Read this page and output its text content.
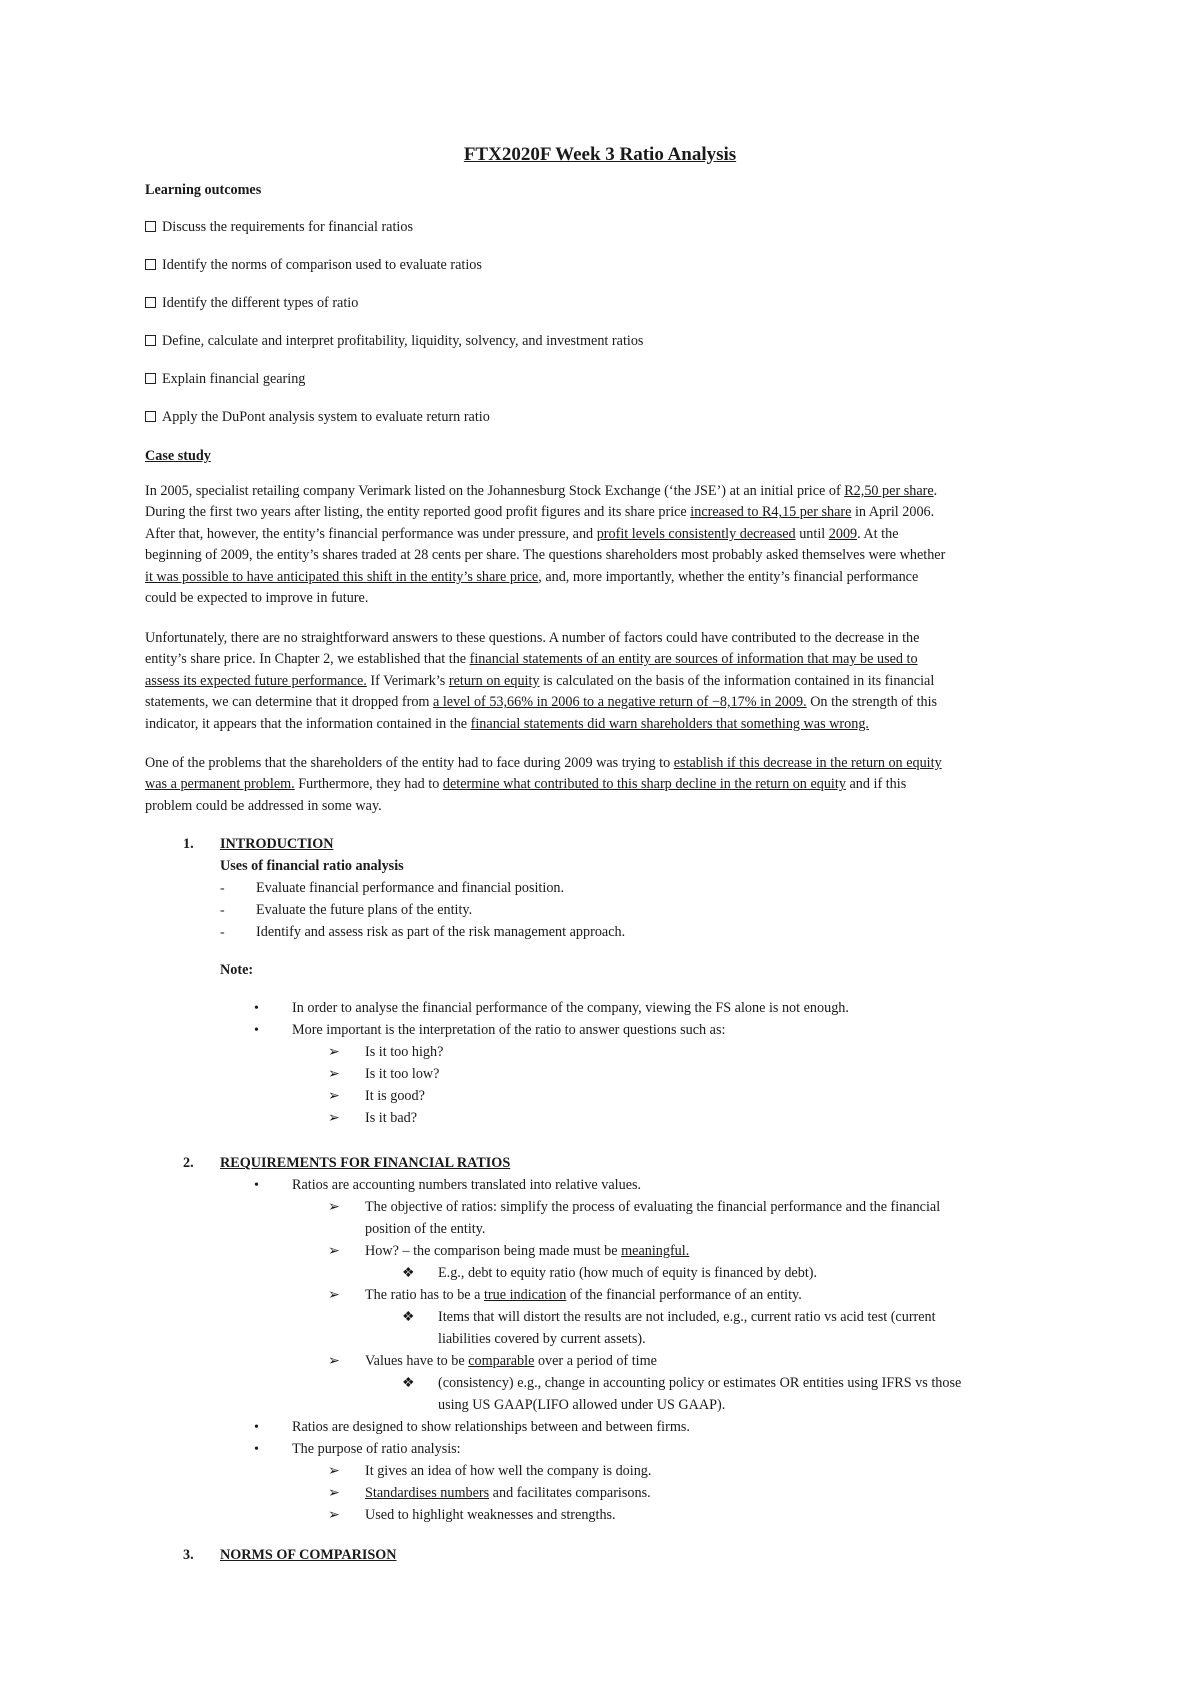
FTX2020F Week 3 Ratio Analysis
Learning outcomes
Discuss the requirements for financial ratios
Identify the norms of comparison used to evaluate ratios
Identify the different types of ratio
Define, calculate and interpret profitability, liquidity, solvency, and investment ratios
Explain financial gearing
Apply the DuPont analysis system to evaluate return ratio
Case study
In 2005, specialist retailing company Verimark listed on the Johannesburg Stock Exchange (‘the JSE’) at an initial price of R2,50 per share.
During the first two years after listing, the entity reported good profit figures and its share price increased to R4,15 per share in April 2006.
After that, however, the entity’s financial performance was under pressure, and profit levels consistently decreased until 2009. At the
beginning of 2009, the entity’s shares traded at 28 cents per share. The questions shareholders most probably asked themselves were whether
it was possible to have anticipated this shift in the entity’s share price, and, more importantly, whether the entity’s financial performance
could be expected to improve in future.
Unfortunately, there are no straightforward answers to these questions. A number of factors could have contributed to the decrease in the
entity’s share price. In Chapter 2, we established that the financial statements of an entity are sources of information that may be used to
assess its expected future performance. If Verimark’s return on equity is calculated on the basis of the information contained in its financial
statements, we can determine that it dropped from a level of 53,66% in 2006 to a negative return of −8,17% in 2009. On the strength of this
indicator, it appears that the information contained in the financial statements did warn shareholders that something was wrong.
One of the problems that the shareholders of the entity had to face during 2009 was trying to establish if this decrease in the return on equity
was a permanent problem. Furthermore, they had to determine what contributed to this sharp decline in the return on equity and if this
problem could be addressed in some way.
1. INTRODUCTION
Uses of financial ratio analysis
- Evaluate financial performance and financial position.
- Evaluate the future plans of the entity.
- Identify and assess risk as part of the risk management approach.
Note:
• In order to analyse the financial performance of the company, viewing the FS alone is not enough.
• More important is the interpretation of the ratio to answer questions such as:
➢ Is it too high?
➢ Is it too low?
➢ It is good?
➢ Is it bad?
2. REQUIREMENTS FOR FINANCIAL RATIOS
• Ratios are accounting numbers translated into relative values.
➢ The objective of ratios: simplify the process of evaluating the financial performance and the financial
position of the entity.
➢ How? – the comparison being made must be meaningful.
❖ E.g., debt to equity ratio (how much of equity is financed by debt).
➢ The ratio has to be a true indication of the financial performance of an entity.
❖ Items that will distort the results are not included, e.g., current ratio vs acid test (current
liabilities covered by current assets).
➢ Values have to be comparable over a period of time
❖ (consistency) e.g., change in accounting policy or estimates OR entities using IFRS vs those
using US GAAP(LIFO allowed under US GAAP).
• Ratios are designed to show relationships between and between firms.
• The purpose of ratio analysis:
➢ It gives an idea of how well the company is doing.
➢ Standardises numbers and facilitates comparisons.
➢ Used to highlight weaknesses and strengths.
3. NORMS OF COMPARISON
